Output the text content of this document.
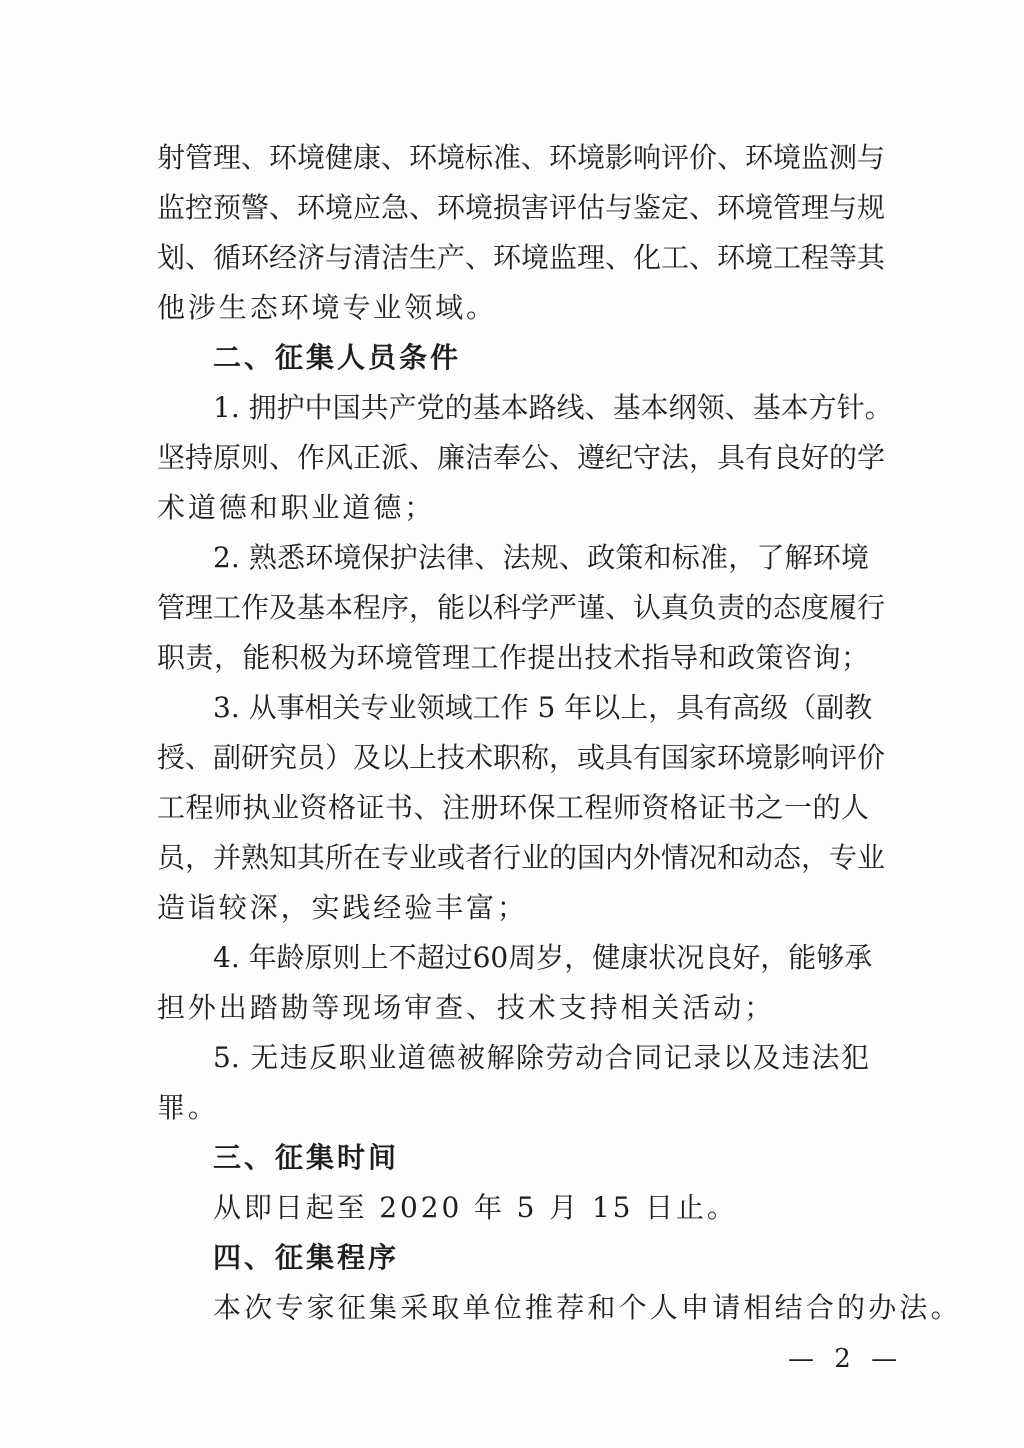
射管理、环境健康、环境标准、环境影响评价、环境监测与
监控预警、环境应急、环境损害评估与鉴定、环境管理与规
划、循环经济与清洁生产、环境监理、化工、环境工程等其
他涉生态环境专业领域。
二、征集人员条件
1. 拥护中国共产党的基本路线、基本纲领、基本方针。
坚持原则、作风正派、廉洁奉公、遵纪守法，具有良好的学
术道德和职业道德；
2. 熟悉环境保护法律、法规、政策和标准，了解环境
管理工作及基本程序，能以科学严谨、认真负责的态度履行
职责，能积极为环境管理工作提出技术指导和政策咨询；
3. 从事相关专业领域工作 5 年以上，具有高级（副教
授、副研究员）及以上技术职称，或具有国家环境影响评价
工程师执业资格证书、注册环保工程师资格证书之一的人
员，并熟知其所在专业或者行业的国内外情况和动态，专业
造诣较深，实践经验丰富；
4. 年龄原则上不超过60周岁，健康状况良好，能够承
担外出踏勘等现场审查、技术支持相关活动；
5. 无违反职业道德被解除劳动合同记录以及违法犯
罪。
三、征集时间
从即日起至 2020 年 5 月 15 日止。
四、征集程序
本次专家征集采取单位推荐和个人申请相结合的办法。
— 2 —
